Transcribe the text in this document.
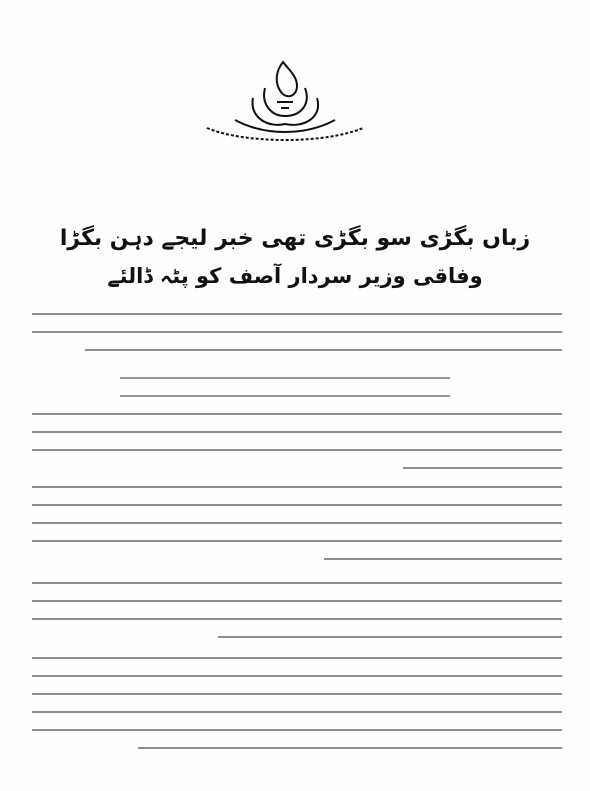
زباں بگڑی سو بگڑی تھی خبر لیجے دہن بگڑا
وفاقی وزیر سردار آصف کو پٹہ ڈالئے
